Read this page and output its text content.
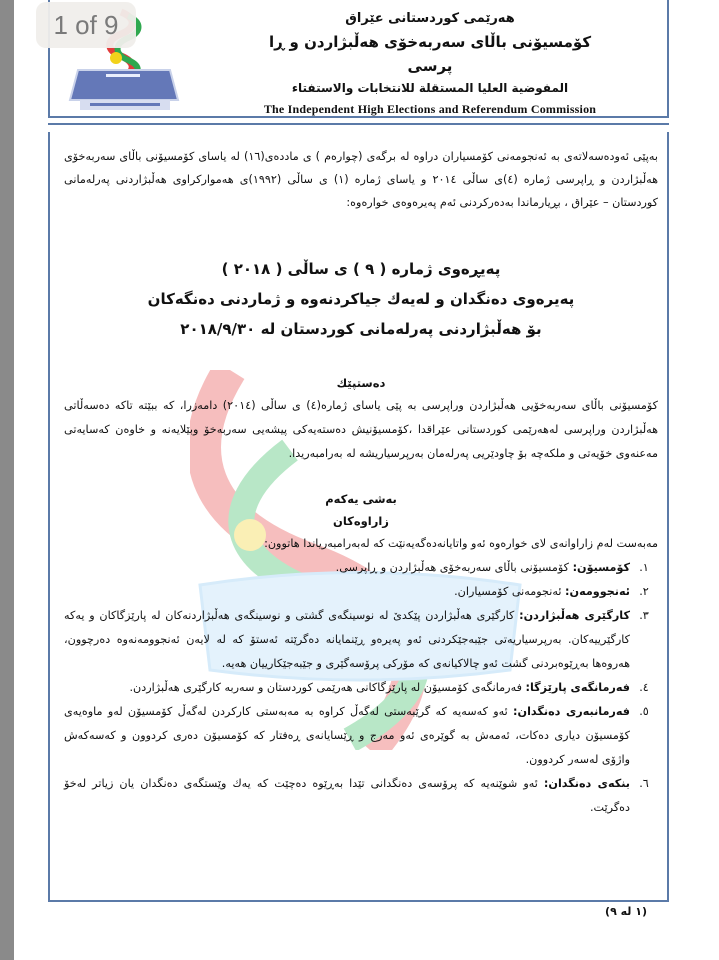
1 of 9	هەرێمی کوردستانی عێراق
کۆمسیۆنی باڵای سەربەخۆی هەڵبژاردن و ڕا پرسی
المفوضية العليا المستقلة للانتخابات والاستفتاء
The Independent High Elections and Referendum Commission
بەپێی ئەودەسەلاتەی بە ئەنجومەنی کۆمسیاران دراوە لە برگەی (چوارەم ) ی ماددەی(١٦) لە یاسای کۆمسیۆنی باڵای سەربەخۆی هەڵبژاردن و ڕاپرسی ژمارە (٤)ی ساڵی ٢٠١٤ و یاسای ژمارە (١) ی ساڵی (١٩٩٢)ی هەموارکراوی هەڵبژاردنی پەرلەمانی کوردستان – عێراق ، بڕیارماندا بەدەرکردنی ئەم پەیرەوەی خوارەوە:
پەیڕەوی ژمارە ( ٩ ) ی ساڵی ( ٢٠١٨ )
پەیرەوی دەنگدان و لەیەك جیاکردنەوە و ژماردنی دەنگەکان
بۆ هەڵبژاردنی پەرلەمانی کوردستان لە ٢٠١٨/٩/٣٠
دەستپێك
کۆمسیۆنی باڵای سەربەخۆیی هەڵبژاردن وراپرسی بە پێی یاسای ژمارە(٤) ی ساڵی (٢٠١٤) دامەزرا، کە ببێتە تاکە دەسەڵاتی هەڵبژاردن وراپرسی لەهەرێمی کوردستانی عێراقدا ،کۆمسیۆنیش دەستەیەکی پیشەیی سەربەخۆ وبێلایەنە و خاوەن کەسایەتی مەعنەوی خۆیەتی و ملکەچە بۆ چاودێریی پەرلەمان بەرپرسیاریشە لە بەرامبەریدا.
بەشی یەکەم
زاراوەکان
مەبەست لەم زاراوانەی لای خوارەوە ئەو واتایانەدەگەیەنێت کە لەبەرامبەریاندا هاتوون:
١.
کۆمسیۆن: کۆمسیۆنی باڵای سەربەخۆی هەڵبژاردن و ڕاپرسی.
٢.
ئەنجوومەن: ئەنجومەنی کۆمسیاران.
٣.
کارگێری هەڵبژاردن: کارگێری هەڵبژاردن پێکدێ لە نوسینگەی گشتی و نوسینگەی هەڵبژاردنەکان لە پارێزگاکان و یەکە کارگێرییەکان. بەرپرسیاریەتی جێبەجێکردنی ئەو پەیرەو ڕێنمایانە دەگرێتە ئەستۆ کە لە لایەن ئەنجوومەنەوە دەرچوون، هەروەها بەڕێوەبردنی گشت ئەو چالاکیانەی کە مۆرکی پرۆسەگێری و جێبەجێکارییان هەیە.
٤.
فەرمانگەی پارێزگا: فەرمانگەی کۆمسیۆن لە پارێزگاکانی هەرێمی کوردستان و سەربە کارگێری هەڵبژاردن.
٥.
فەرمانبەری دەنگدان: ئەو کەسەیە کە گرێبەستی لەگەڵ کراوە بە مەبەستی کارکردن لەگەڵ کۆمسیۆن لەو ماوەیەی کۆمسیۆن دیاری دەکات، ئەمەش بە گوێرەی ئەو مەرج و ڕێسایانەی ڕەفتار کە کۆمسیۆن دەری کردوون و کەسەکەش واژۆی لەسەر کردوون.
٦.
بنکەی دەنگدان: ئەو شوێنەیە کە پرۆسەی دەنگدانی تێدا بەڕێوە دەچێت کە یەك وێستگەی دەنگدان یان زیاتر لەخۆ دەگرێت.
(١ لە ٩)
